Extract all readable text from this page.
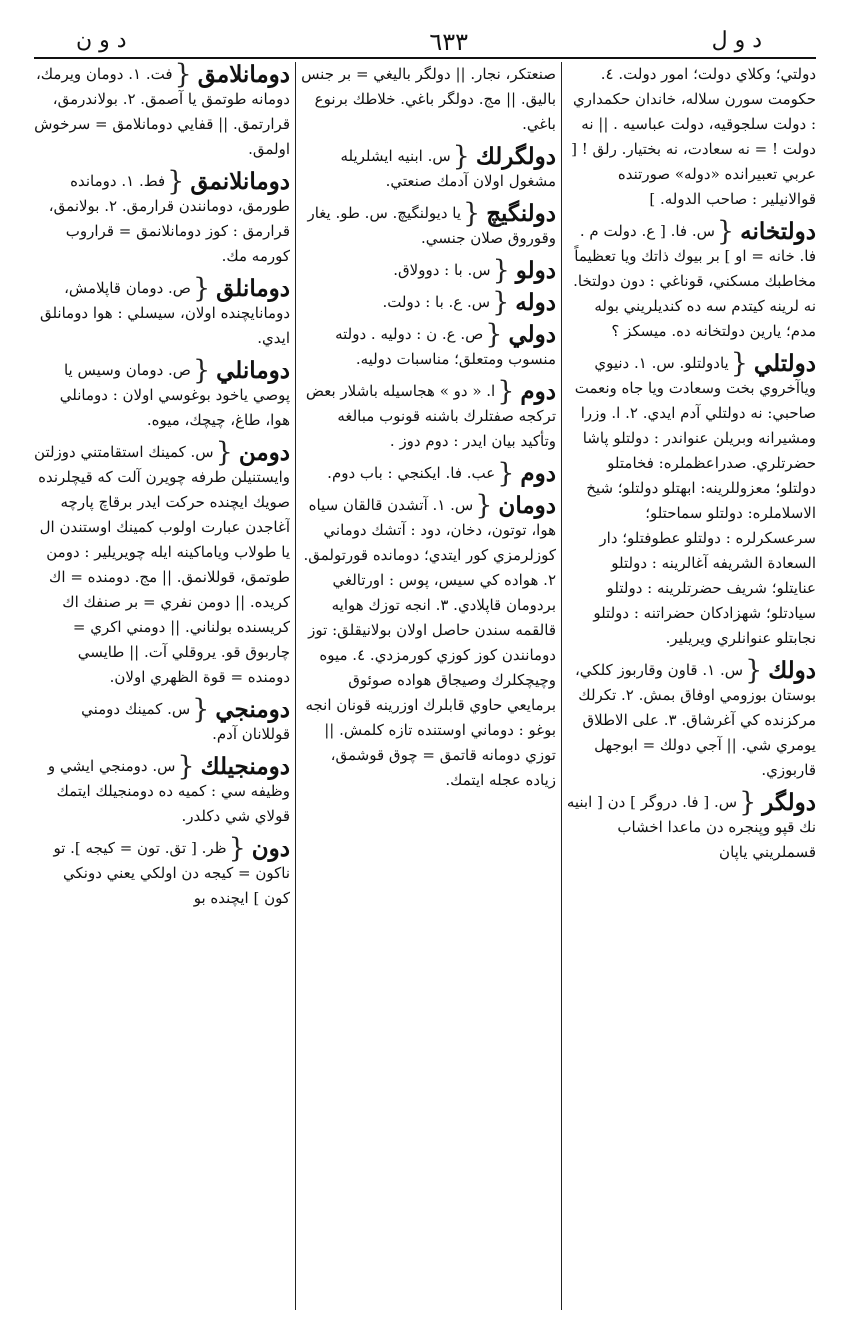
د و ل
٦٣٣
د و ن

دولتي؛ وكلاي دولت؛ امور دولت. ٤. حكومت سورن سلاله، خاندان حكمداري : دولت سلجوقيه، دولت عباسيه . || نه دولت ! = نه سعادت، نه بختيار. رلق ! [ عربي تعبيرانده «دوله» صورتنده قوالانيلير : صاحب الدوله. ]

دولتخانه{س. فا. [ ع. دولت م . فا. خانه = او ] بر بيوك ذاتك ويا تعظيماً مخاطبك مسكني، قوناغي : دون دولتخا. نه لرينه كيتدم سه ده كنديلريني بوله مدم؛ يارين دولتخانه ده. ميسكز ؟

دولتلي{يادولتلو. س. ١. دنيوي وياآخروي بخت وسعادت ويا جاه ونعمت صاحبي: نه دولتلي آدم ايدي. ٢. ا. وزرا ومشيرانه وبريلن عنواندر : دولتلو پاشا حضرتلري. صدراعظملره: فخامتلو دولتلو؛ معزوللرينه: ابهتلو دولتلو؛ شيخ الاسلاملره: دولتلو سماحتلو؛ سرعسكرلره : دولتلو عطوفتلو؛ دار السعادة الشريفه آغالرينه : دولتلو عنايتلو؛ شريف حضرتلرينه : دولتلو سيادتلو؛ شهزادكان حضراتنه : دولتلو نجابتلو عنوانلري ويريلير.

دولك{س. ١. قاون وقاربوز كلكي، بوستان بوزومي اوفاق بمش. ٢. تكرلك مركزنده كي آغرشاق. ٣. على الاطلاق يومري شي. || آجي دولك = ابوجهل قاربوزي.

دولگر{س. [ فا. دروگر ] دن [ ابنيه نك قپو وپنجره دن ماعدا اخشاب قسملريني ياپان

صنعتكر، نجار. || دولگر باليغي = بر جنس باليق. || مج. دولگر باغي. خلاطك برنوع باغي.

دولگرلك{س. ابنيه ايشلريله مشغول اولان آدمك صنعتي.

دولنگيچ{يا ديولنگيچ. س. طو. يغار وقوروق صلان جنسي.

دولو{س. با : دوولاق.

دوله{س. ع. با : دولت.

دولي{ص. ع. ن : دوليه . دولته منسوب ومتعلق؛ مناسبات دوليه.

دوم{ا. « دو » هجاسيله باشلار بعض تركجه صفتلرك باشنه قونوب مبالغه وتأكيد بيان ايدر : دوم دوز .

دوم{عب. فا. ايكنجي : باب دوم.

دومان{س. ١. آتشدن قالقان سياه هوا، توتون، دخان، دود : آتشك دوماني كوزلرمزي كور ايتدي؛ دومانده قورتولمق. ٢. هواده كي سيس، پوس : اورتالغي بردومان قاپلادي. ٣. انجه توزك هوايه قالقمه سندن حاصل اولان بولانيقلق: توز دومانندن كوز كوزي كورمزدي. ٤. ميوه وچيچكلرك وصيجاق هواده صوئوق برمايعي حاوي قابلرك اوزرينه قونان انجه بوغو : دوماني اوستنده تازه كلمش. || توزي دومانه قاتمق = چوق قوشمق، زياده عجله ايتمك.

دومانلامق{فت. ١. دومان ويرمك، دومانه طوتمق يا آصمق. ٢. بولاندرمق، قرارتمق. || قفايي دومانلامق = سرخوش اولمق.

دومانلانمق{فط. ١. دومانده طورمق، دومانندن قرارمق. ٢. بولانمق، قرارمق : كوز دومانلانمق = قراروب كورمه مك.

دومانلق{ص. دومان قاپلامش، دومانايچنده اولان، سيسلي : هوا دومانلق ايدي.

دومانلي{ص. دومان وسيس يا پوصي ياخود بوغوسي اولان : دومانلي هوا، طاغ، چيچك، ميوه.

دومن{س. كمينك استقامتني دوزلتن وايستنيلن طرفه چويرن آلت كه قيچلرنده صويك ايچنده حركت ايدر برقاچ پارچه آغاجدن عبارت اولوب كمينك اوستندن ال يا طولاب وياماكينه ايله چويريلير : دومن طوتمق، قوللانمق. || مج. دومنده = اك كريده. || دومن نفري = بر صنفك اك كريسنده بولناني. || دومني اكري = چاربوق قو. يروقلي آت. || طايسي دومنده = قوة الظهري اولان.

دومنجي{س. كمينك دومني قوللانان آدم.

دومنجيلك{س. دومنجي ايشي و وظيفه سي : كميه ده دومنجيلك ايتمك قولاي شي دكلدر.

دون{ظر. [ تق. تون = كيجه ]. تو ناكون = كيجه دن اولكي يعني دونكي كون ] ايچنده بو
